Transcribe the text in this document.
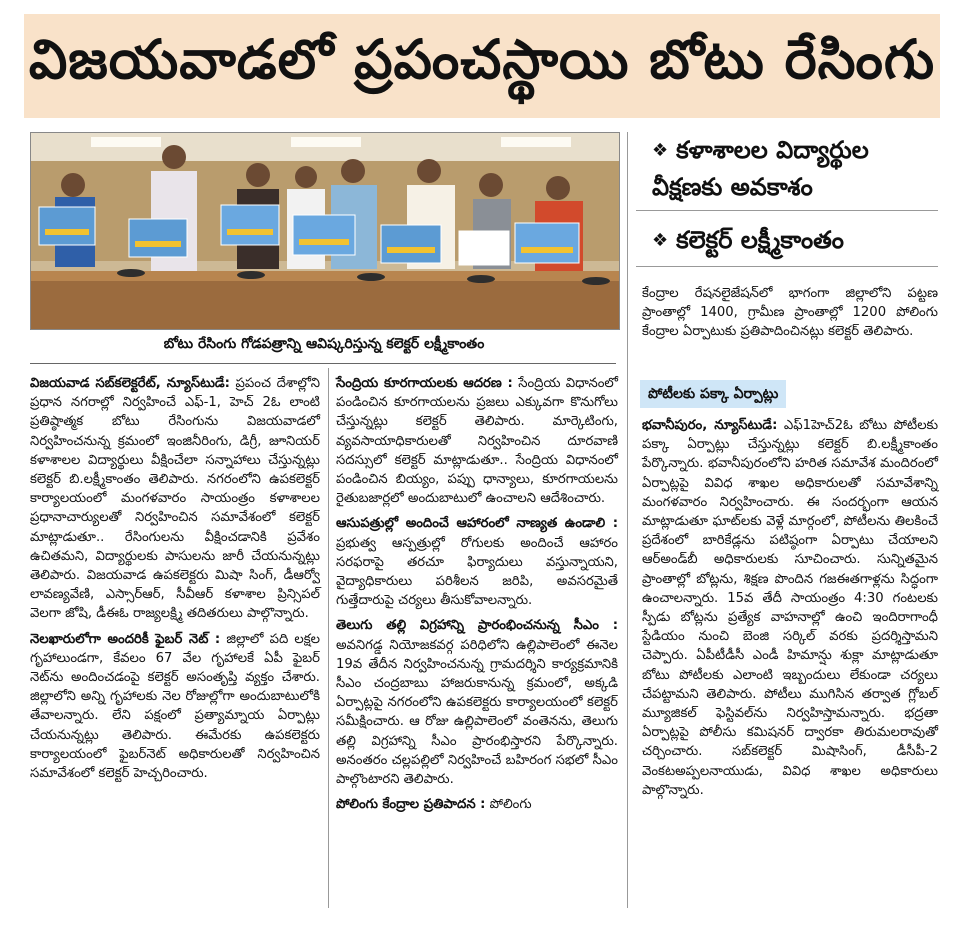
విజయవాడలో ప్రపంచస్థాయి బోటు రేసింగు
బోటు రేసింగు గోడపత్రాన్ని ఆవిష్కరిస్తున్న కలెక్టర్ లక్ష్మీకాంతం
❖ కళాశాలల విద్యార్థుల వీక్షణకు అవకాశం
❖ కలెక్టర్ లక్ష్మీకాంతం

విజయవాడ సబ్‌కలెక్టరేట్, న్యూస్‌టుడే: ప్రపంచ దేశాల్లోని ప్రధాన నగరాల్లో నిర్వహించే ఎఫ్-1, హెచ్ 2ఓ లాంటి ప్రతిష్ఠాత్మక బోటు రేసింగును విజయవాడలో నిర్వహించనున్న క్రమంలో ఇంజినీరింగు, డిగ్రీ, జూనియర్ కళాశాలల విద్యార్థులు వీక్షించేలా సన్నాహాలు చేస్తున్నట్లు కలెక్టర్ బి.లక్ష్మీకాంతం తెలిపారు. నగరంలోని ఉపకలెక్టర్ కార్యాలయంలో మంగళవారం సాయంత్రం కళాశాలల ప్రధానాచార్యులతో నిర్వహించిన సమావేశంలో కలెక్టర్ మాట్లాడుతూ.. రేసింగులను వీక్షించడానికి ప్రవేశం ఉచితమని, విద్యార్థులకు పాసులను జారీ చేయనున్నట్లు తెలిపారు. విజయవాడ ఉపకలెక్టరు మిషా సింగ్, డీఆర్వో లావణ్యవేణి, ఎస్సార్‌ఆర్, సీవీఆర్ కళాశాల ప్రిన్సిపల్ వెలగా జోషి, డీఈఓ రాజ్యలక్ష్మి తదితరులు పాల్గొన్నారు.

నెలఖారులోగా అందరికీ ఫైబర్ నెట్ : జిల్లాలో పది లక్షల గృహాలుండగా, కేవలం 67 వేల గృహాలకే ఏపీ ఫైబర్ నెట్‌ను అందించడంపై కలెక్టర్ అసంతృప్తి వ్యక్తం చేశారు. జిల్లాలోని అన్ని గృహాలకు నెల రోజుల్లోగా అందుబాటులోకి తేవాలన్నారు. లేని పక్షంలో ప్రత్యామ్నాయ ఏర్పాట్లు చేయనున్నట్లు తెలిపారు. ఈమేరకు ఉపకలెక్టరు కార్యాలయంలో ఫైబర్‌నెట్ అధికారులతో నిర్వహించిన సమావేశంలో కలెక్టర్ హెచ్చరించారు.

సేంద్రియ కూరగాయలకు ఆదరణ : సేంద్రియ విధానంలో పండించిన కూరగాయలను ప్రజలు ఎక్కువగా కొనుగోలు చేస్తున్నట్లు కలెక్టర్ తెలిపారు. మార్కెటింగు, వ్యవసాయాధికారులతో నిర్వహించిన దూరవాణి సదస్సులో కలెక్టర్ మాట్లాడుతూ.. సేంద్రియ విధానంలో పండించిన బియ్యం, పప్పు ధాన్యాలు, కూరగాయలను రైతుబజార్లలో అందుబాటులో ఉంచాలని ఆదేశించారు.

ఆసుపత్రుల్లో అందించే ఆహారంలో నాణ్యత ఉండాలి : ప్రభుత్వ ఆస్పత్రుల్లో రోగులకు అందించే ఆహారం సరఫరాపై తరచూ ఫిర్యాదులు వస్తున్నాయని, వైద్యాధికారులు పరిశీలన జరిపి, అవసరమైతే గుత్తేదారుపై చర్యలు తీసుకోవాలన్నారు.

తెలుగు తల్లి విగ్రహాన్ని ప్రారంభించనున్న సీఎం : అవనిగడ్డ నియోజకవర్గ పరిధిలోని ఉల్లిపాలెంలో ఈనెల 19వ తేదీన నిర్వహించనున్న గ్రామదర్శిని కార్యక్రమానికి సీఎం చంద్రబాబు హాజరుకానున్న క్రమంలో, అక్కడి ఏర్పాట్లపై నగరంలోని ఉపకలెక్టరు కార్యాలయంలో కలెక్టర్ సమీక్షించారు. ఆ రోజు ఉల్లిపాలెంలో వంతెనను, తెలుగు తల్లి విగ్రహాన్ని సీఎం ప్రారంభిస్తారని పేర్కొన్నారు. అనంతరం చల్లపల్లిలో నిర్వహించే బహిరంగ సభలో సీఎం పాల్గొంటారని తెలిపారు.

పోలింగు కేంద్రాల ప్రతిపాదన : పోలింగు

కేంద్రాల రేషనలైజేషన్‌లో భాగంగా జిల్లాలోని పట్టణ ప్రాంతాల్లో 1400, గ్రామీణ ప్రాంతాల్లో 1200 పోలింగు కేంద్రాల ఏర్పాటుకు ప్రతిపాదించినట్లు కలెక్టర్ తెలిపారు.

పోటీలకు పక్కా ఏర్పాట్లు

భవానీపురం, న్యూస్‌టుడే: ఎఫ్1హెచ్2ఓ బోటు పోటీలకు పక్కా ఏర్పాట్లు చేస్తున్నట్లు కలెక్టర్ బి.లక్ష్మీకాంతం పేర్కొన్నారు. భవానీపురంలోని హరిత సమావేశ మందిరంలో ఏర్పాట్లపై వివిధ శాఖల అధికారులతో సమావేశాన్ని మంగళవారం నిర్వహించారు. ఈ సందర్భంగా ఆయన మాట్లాడుతూ ఘాట్‌లకు వెళ్లే మార్గంలో, పోటీలను తిలకించే ప్రదేశంలో బారికేడ్లను పటిష్ఠంగా ఏర్పాటు చేయాలని ఆర్‌అండ్‌బీ అధికారులకు సూచించారు. సున్నితమైన ప్రాంతాల్లో బోట్లను, శిక్షణ పొందిన గజఈతగాళ్లను సిద్ధంగా ఉంచాలన్నారు. 15వ తేదీ సాయంత్రం 4:30 గంటలకు స్పీడు బోట్లను ప్రత్యేక వాహనాల్లో ఉంచి ఇందిరాగాంధీ స్టేడియం నుంచి బెంజి సర్కిల్ వరకు ప్రదర్శిస్తామని చెప్పారు. ఏపీటీడీసీ ఎండీ హిమాన్షు శుక్లా మాట్లాడుతూ బోటు పోటీలకు ఎలాంటి ఇబ్బందులు లేకుండా చర్యలు చేపట్టామని తెలిపారు. పోటీలు ముగిసిన తర్వాత గ్లోబల్ మ్యూజికల్ ఫెస్టివల్‌ను నిర్వహిస్తామన్నారు. భద్రతా ఏర్పాట్లపై పోలీసు కమిషనర్ ద్వారకా తిరుమలరావుతో చర్చించారు. సబ్‌కలెక్టర్ మిషాసింగ్, డీసీపీ-2 వెంకటఅప్పలనాయుడు, వివిధ శాఖల అధికారులు పాల్గొన్నారు.
